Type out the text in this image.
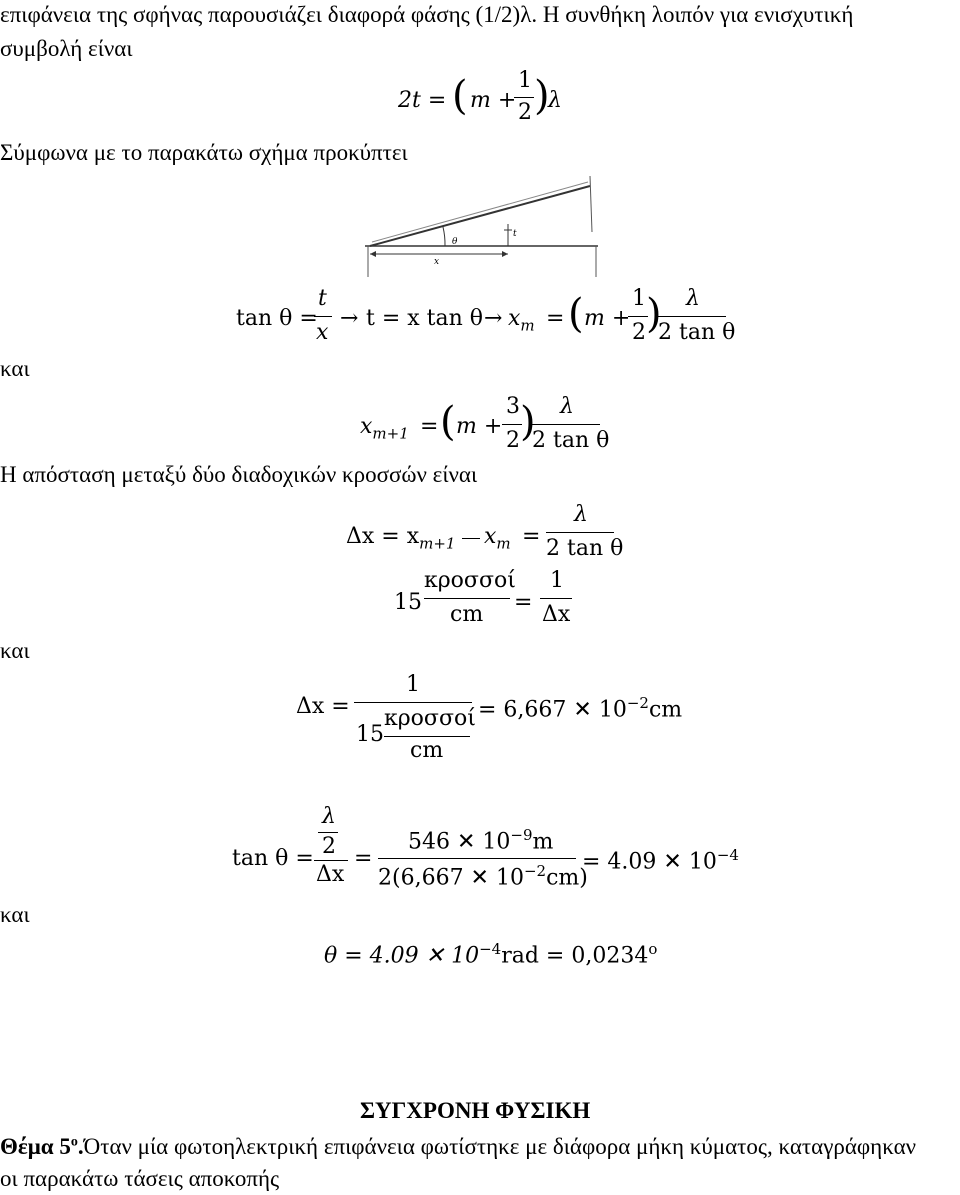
επιφάνεια της σφήνας παρουσιάζει διαφορά φάσης (1/2)λ. Η συνθήκη λοιπόν για ενισχυτική
συμβολή είναι
2t = ( m +
1
2 )
λ
Σύμφωνα με το παρακάτω σχήμα προκύπτει
θ
t
x
tan θ =
t
x
→ t = x $\tan \theta \to x_m$ = ( m +
1
2 ) λ
2 tan θ
και
$x_{m+1}$ = ( m +
3
2 ) λ
2 tan θ
Η απόσταση μεταξύ δύο διαδοχικών κροσσών είναι
$\Delta x = x_{m+1}$ $x_m$ =
λ
2 tan θ
15
κροσσοί
cm =
1
Δx
και
Δx =
1
15
κροσσοί
cm
= 6,667 ✕ $10^{-2}cm$
tan θ =
λ
2
Δx
=
546 ✕ $10^{-9}m$
2(6,667 ✕ $10^{-2}cm$)
= 4.09 ✕ $10^{-4}$
και
θ = 4.09 ✕ $10^{-4}rad = 0,0234^o$
ΣΥΓΧΡΟΝΗ ΦΥΣΙΚΗ
Θέμα $5^o.Ό\tau\alpha\nu$ μία φωτοηλεκτρική επιφάνεια φωτίστηκε με διάφορα μήκη κύματος, καταγράφηκαν
οι παρακάτω τάσεις αποκοπής
